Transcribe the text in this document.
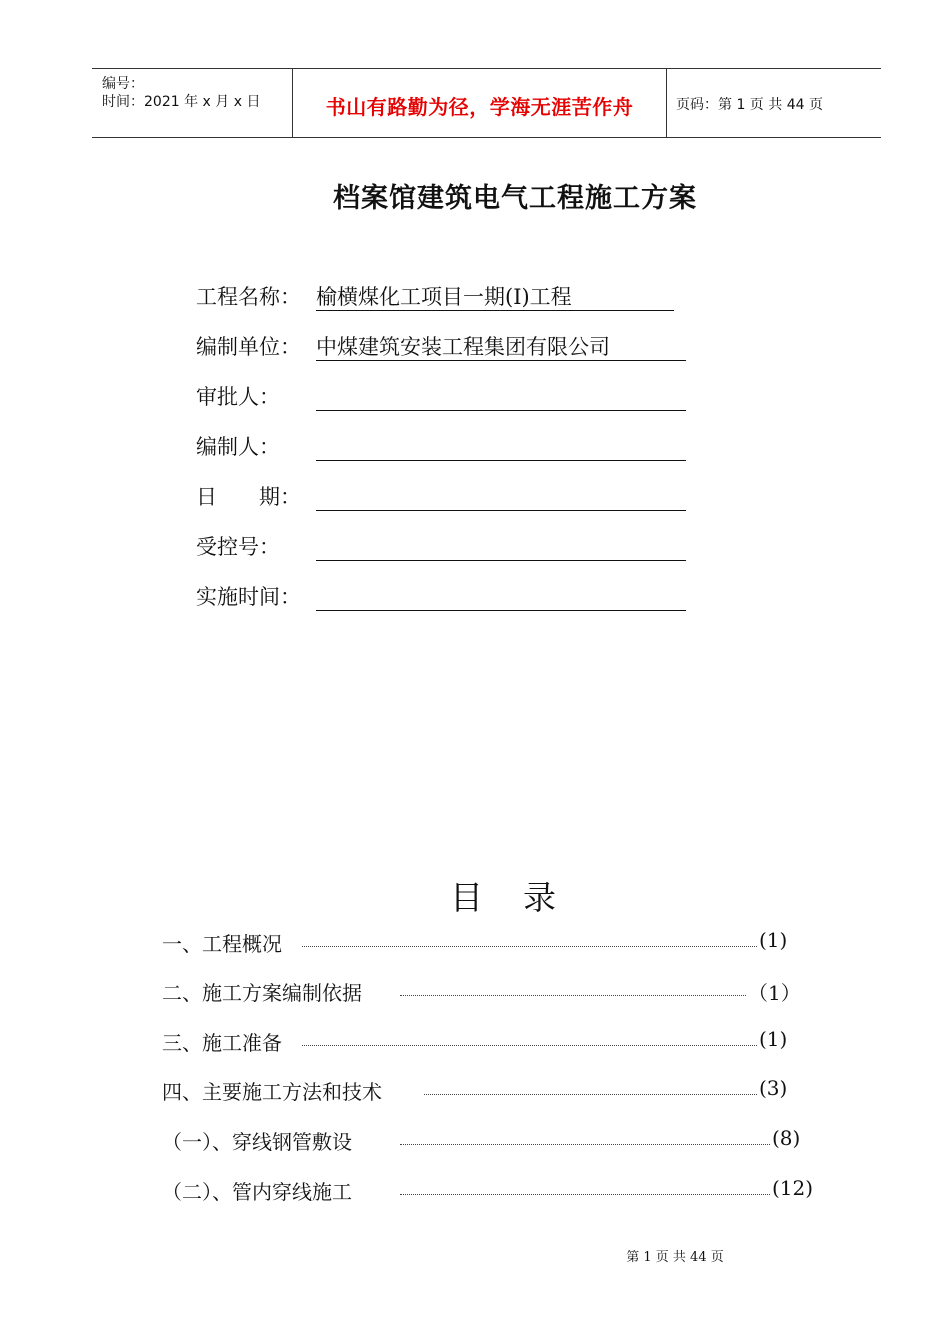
编号：
时间：2021 年 x 月 x 日	书山有路勤为径，学海无涯苦作舟	页码：第 1 页 共 44 页
档案馆建筑电气工程施工方案
工程名称： 榆横煤化工项目一期(I)工程
编制单位： 中煤建筑安装工程集团有限公司
审批人：
编制人：
日　　期：
受控号：
实施时间：
目录
一、工程概况	(1)
二、施工方案编制依据	（1）
三、施工准备	(1)
四、主要施工方法和技术	(3)
（一）、穿线钢管敷设	(8)
（二）、管内穿线施工	(12)
第 1 页 共 44 页
